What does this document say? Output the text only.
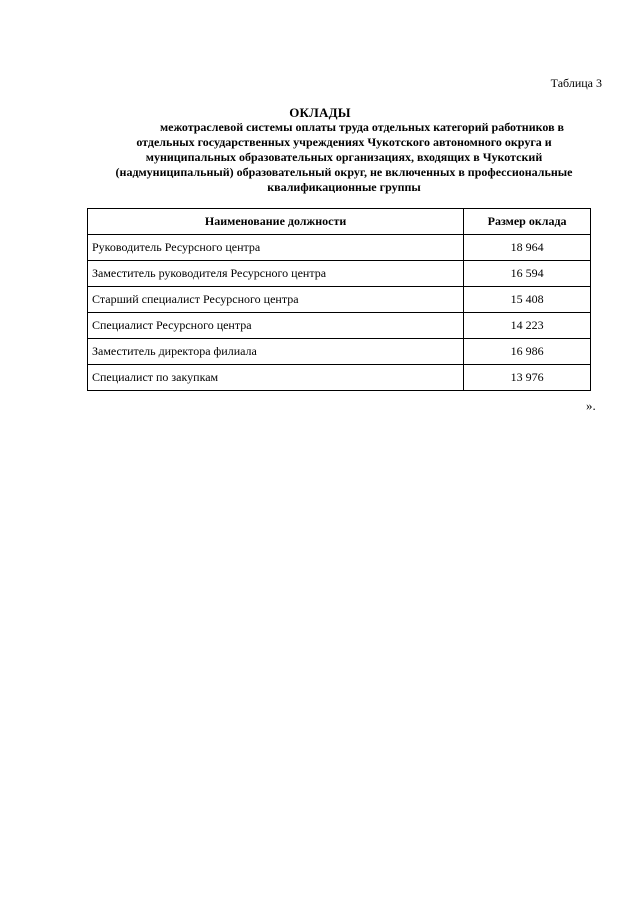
Таблица 3
ОКЛАДЫ
межотраслевой системы оплаты труда отдельных категорий работников в
отдельных государственных учреждениях Чукотского автономного округа и
муниципальных образовательных организациях, входящих в Чукотский
(надмуниципальный) образовательный округ, не включенных в профессиональные
квалификационные группы
Наименование должности	Размер оклада
Руководитель Ресурсного центра	18 964
Заместитель руководителя Ресурсного центра	16 594
Старший специалист Ресурсного центра	15 408
Специалист Ресурсного центра	14 223
Заместитель директора филиала	16 986
Специалист по закупкам	13 976
».
